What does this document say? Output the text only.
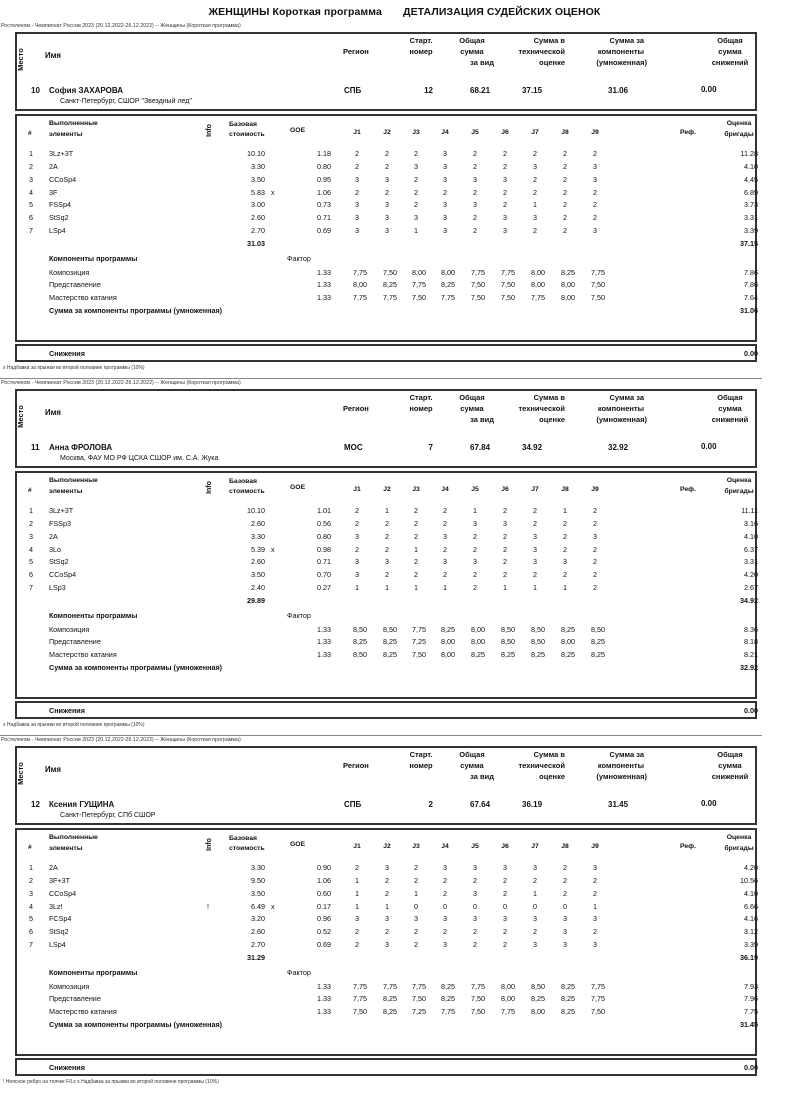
ЖЕНЩИНЫ Короткая программа ДЕТАЛИЗАЦИЯ СУДЕЙСКИХ ОЦЕНОК
Ростелеком - Чемпионат России 2023 (20.12.2022-26.12.2022) -- Женщины (Короткая программа)
Место	Имя	Регион
Старт.
номер
Общая
сумма
за вид
Сумма в
технической
оценке
Сумма за
компоненты
(умноженная)
Общая
сумма
снижений
10 София ЗАХАРОВА
Санкт-Петербург, СШОР "Звездный лед"
СПБ	12	68.21	37.15	31.06	0.00
#
Выполненные
элементы	Info Базовая
стоимость
GOE	J1	J2	J3	J4	J5	J6	J7	J8	J9	Реф.
Оценка
бригады
1	3Lz+3T	10.10	1.18	2	2	2	3	2	2	2	2	2	11.28
2	2A	3.30	0.80	2	2	3	3	2	2	3	2	3	4.10
3	CCoSp4	3.50	0.95	3	3	2	3	3	3	2	2	3	4.45
4	3F	5.83 x	1.06	2	2	2	2	2	2	2	2	2	6.89
5	FSSp4	3.00	0.73	3	3	2	3	3	2	1	2	2	3.73
6	StSq2	2.60	0.71	3	3	3	3	2	3	3	2	2	3.31
7	LSp4	2.70	0.69	3	3	1	3	2	3	2	2	3	3.39
31.03	37.15
Компоненты программы	Фактор
Композиция	1.33	7,75	7,50	8,00	8,00	7,75	7,75	8,00	8,25	7,75	7.86
Представление	1.33	8,00	8,25	7,75	8,25	7,50	7,50	8,00	8,00	7,50	7.86
Мастерство катания	1.33	7,75	7,75	7,50	7,75	7,50	7,50	7,75	8,00	7,50	7.64
Сумма за компоненты программы (умноженная)	31.06
Снижения	0.00
x Надбавка за прыжки во второй половине программы (10%)
Ростелеком - Чемпионат России 2023 (20.12.2022-26.12.2022) -- Женщины (Короткая программа)
Место	Имя	Регион
Старт.
номер
Общая
сумма
за вид
Сумма в
технической
оценке
Сумма за
компоненты
(умноженная)
Общая
сумма
снижений
11 Анна ФРОЛОВА
Москва, ФАУ МО РФ ЦСКА СШОР им. С.А. Жука
МОС	7	67.84	34.92	32.92	0.00
#
Выполненные
элементы	Info Базовая
стоимость
GOE	J1	J2	J3	J4	J5	J6	J7	J8	J9	Реф.
Оценка
бригады
1	3Lz+3T	10.10	1.01	2	1	2	2	1	2	2	1	2	11.11
2	FSSp3	2.60	0.56	2	2	2	2	3	3	2	2	2	3.16
3	2A	3.30	0.80	3	2	2	3	2	2	3	2	3	4.10
4	3Lo	5.39 x	0.98	2	2	1	2	2	2	3	2	2	6.37
5	StSq2	2.60	0.71	3	3	2	3	3	2	3	3	2	3.31
6	CCoSp4	3.50	0.70	3	2	2	2	2	2	2	2	2	4.20
7	LSp3	2.40	0.27	1	1	1	1	2	1	1	1	2	2.67
29.89	34.92
Компоненты программы	Фактор
Композиция	1.33	8,50	8,50	7,75	8,25	8,00	8,50	8,50	8,25	8,50	8.36
Представление	1.33	8,25	8,25	7,25	8,00	8,00	8,50	8,50	8,00	8,25	8.18
Мастерство катания	1.33	8,50	8,25	7,50	8,00	8,25	8,25	8,25	8,25	8,25	8.21
Сумма за компоненты программы (умноженная)	32.92
Снижения	0.00
x Надбавка за прыжки во второй половине программы (10%)
Ростелеком - Чемпионат России 2023 (20.12.2022-26.12.2022) -- Женщины (Короткая программа)
Место	Имя	Регион
Старт.
номер
Общая
сумма
за вид
Сумма в
технической
оценке
Сумма за
компоненты
(умноженная)
Общая
сумма
снижений
12 Ксения ГУЩИНА
Санкт-Петербург, СПб СШОР
СПБ	2	67.64	36.19	31.45	0.00
#
Выполненные
элементы	Info Базовая
стоимость
GOE	J1	J2	J3	J4	J5	J6	J7	J8	J9	Реф.
Оценка
бригады
1	2A	3.30	0.90	2	3	2	3	3	3	3	2	3	4.20
2	3F+3T	9.50	1.06	1	2	2	2	2	2	2	2	2	10.56
3	CCoSp4	3.50	0.60	1	2	1	2	3	2	1	2	2	4.10
4	3Lz!	!	6.49 x	0.17	1	1	0	0	0	0	0	0	1	6.66
5	FCSp4	3.20	0.96	3	3	3	3	3	3	3	3	3	4.16
6	StSq2	2.60	0.52	2	2	2	2	2	2	2	3	2	3.12
7	LSp4	2.70	0.69	2	3	2	3	2	2	3	3	3	3.39
31.29	36.19
Компоненты программы	Фактор
Композиция	1.33	7,75	7,75	7,75	8,25	7,75	8,00	8,50	8,25	7,75	7.93
Представление	1.33	7,75	8,25	7,50	8,25	7,50	8,00	8,25	8,25	7,75	7.96
Мастерство катания	1.33	7,50	8,25	7,25	7,75	7,50	7,75	8,00	8,25	7,50	7.75
Сумма за компоненты программы (умноженная)	31.45
Снижения	0.00
! Неясное ребро на толчке F/Lz x Надбавка за прыжки во второй половине программы (10%)
